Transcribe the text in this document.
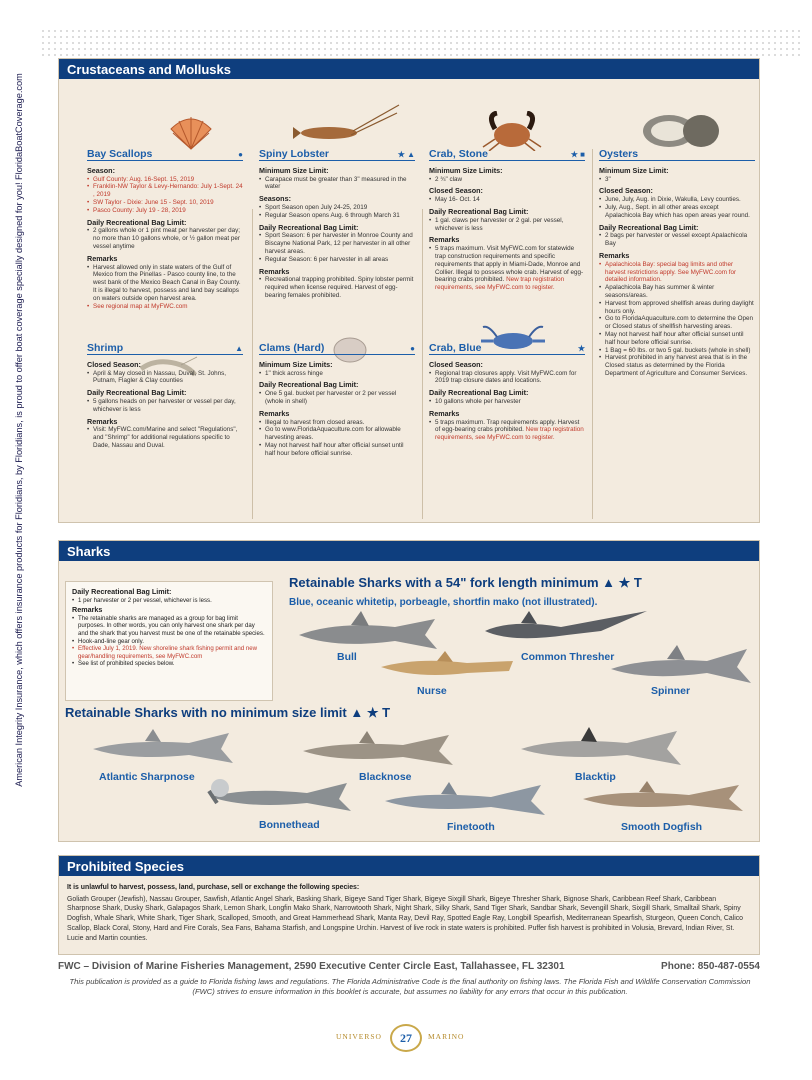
American Integrity Insurance, which offers insurance products for Floridians, by Floridians, is proud to offer boat coverage specially designed for you! FloridaBoatCoverage.com
Crustaceans and Mollusks
Bay Scallops	●
Season:
• Gulf County: Aug. 16-Sept. 15, 2019
• Franklin-NW Taylor & Levy-Hernando: July 1-Sept. 24 , 2019
• SW Taylor - Dixie: June 15 - Sept. 10, 2019
• Pasco County: July 19 - 28, 2019
Daily Recreational Bag Limit:
• 2 gallons whole or 1 pint meat per harvester per day; no more than 10 gallons whole, or ½ gallon meat per vessel anytime
Remarks
• Harvest allowed only in state waters of the Gulf of Mexico from the Pinellas - Pasco county line, to the west bank of the Mexico Beach Canal in Bay County. It is illegal to harvest, possess and land bay scallops on waters outside open harvest area.
• See regional map at MyFWC.com
Spiny Lobster	★ ▲
Minimum Size Limit:
• Carapace must be greater than 3" measured in the water
Seasons:
• Sport Season open July 24-25, 2019
• Regular Season opens Aug. 6 through March 31
Daily Recreational Bag Limit:
• Sport Season: 6 per harvester in Monroe County and Biscayne National Park, 12 per harvester in all other harvest areas.
• Regular Season: 6 per harvester in all areas
Remarks
• Recreational trapping prohibited. Spiny lobster permit required when license required. Harvest of egg-bearing females prohibited.
Crab, Stone	★ ■
Minimum Size Limits:
• 2 ¾" claw
Closed Season:
• May 16- Oct. 14
Daily Recreational Bag Limit:
• 1 gal. claws per harvester or 2 gal. per vessel, whichever is less
Remarks
• 5 traps maximum. Visit MyFWC.com for statewide trap construction requirements and specific requirements that apply in Miami-Dade, Monroe and Collier. Illegal to possess whole crab. Harvest of egg-bearing crabs prohibited. New trap registration requirements, see MyFWC.com to register.
Oysters
Minimum Size Limit:
• 3"
Closed Season:
• June, July, Aug. in Dixie, Wakulla, Levy counties.
• July, Aug., Sept. in all other areas except Apalachicola Bay which has open areas year round.
Daily Recreational Bag Limit:
• 2 bags per harvester or vessel except Apalachicola Bay
Remarks
• Apalachicola Bay: special bag limits and other harvest restrictions apply. See MyFWC.com for detailed information.
• Apalachicola Bay has summer & winter seasons/areas.
• Harvest from approved shellfish areas during daylight hours only.
• Go to FloridaAquaculture.com to determine the Open or Closed status of shellfish harvesting areas.
• May not harvest half hour after official sunset until half hour before official sunrise.
• 1 Bag = 60 lbs. or two 5 gal. buckets (whole in shell)
• Harvest prohibited in any harvest area that is in the Closed status as determined by the Florida Department of Agriculture and Consumer Services.
Shrimp	▲
Closed Season:
• April & May closed in Nassau, Duval, St. Johns, Putnam, Flagler & Clay counties
Daily Recreational Bag Limit:
• 5 gallons heads on per harvester or vessel per day, whichever is less
Remarks
• Visit: MyFWC.com/Marine and select "Regulations", and "Shrimp" for additional regulations specific to Dade, Nassau and Duval.
Clams (Hard)	●
Minimum Size Limits:
• 1" thick across hinge
Daily Recreational Bag Limit:
• One 5 gal. bucket per harvester or 2 per vessel (whole in shell)
Remarks
• Illegal to harvest from closed areas.
• Go to www.FloridaAquaculture.com for allowable harvesting areas.
• May not harvest half hour after official sunset until half hour before official sunrise.
Crab, Blue	★
Closed Season:
• Regional trap closures apply. Visit MyFWC.com for 2019 trap closure dates and locations.
Daily Recreational Bag Limit:
• 10 gallons whole per harvester
Remarks
• 5 traps maximum. Trap requirements apply. Harvest of egg-bearing crabs prohibited. New trap registration requirements, see MyFWC.com to register.
Sharks
Daily Recreational Bag Limit:
• 1 per harvester or 2 per vessel, whichever is less.
Remarks
• The retainable sharks are managed as a group for bag limit purposes. In other words, you can only harvest one shark per day and the shark that you harvest must be one of the retainable species.
• Hook-and-line gear only.
• Effective July 1, 2019. New shoreline shark fishing permit and new gear/handling requirements, see MyFWC.com
• See list of prohibited species below.
Retainable Sharks with a 54" fork length minimum ▲ ★ T
Blue, oceanic whitetip, porbeagle, shortfin mako (not illustrated).
Bull
Nurse
Common Thresher
Spinner
Retainable Sharks with no minimum size limit ▲ ★ T
Atlantic Sharpnose	Blacknose	Blacktip
Bonnethead	Finetooth	Smooth Dogfish
Prohibited Species
It is unlawful to harvest, possess, land, purchase, sell or exchange the following species:
Goliath Grouper (Jewfish), Nassau Grouper, Sawfish, Atlantic Angel Shark, Basking Shark, Bigeye Sand Tiger Shark, Bigeye Sixgill Shark, Bigeye Thresher Shark, Bignose Shark, Caribbean Reef Shark, Caribbean Sharpnose Shark, Dusky Shark, Galapagos Shark, Lemon Shark, Longfin Mako Shark, Narrowtooth Shark, Night Shark, Silky Shark, Sand Tiger Shark, Sandbar Shark, Sevengill Shark, Sixgill Shark, Smalltail Shark, Spiny Dogfish, Whale Shark, White Shark, Tiger Shark, Scalloped, Smooth, and Great Hammerhead Shark, Manta Ray, Devil Ray, Spotted Eagle Ray, Longbill Spearfish, Mediterranean Spearfish, Sturgeon, Queen Conch, Calico Scallop, Black Coral, Stony, Hard and Fire Corals, Sea Fans, Bahama Starfish, and Longspine Urchin. Harvest of live rock in state waters is prohibited. Puffer fish harvest is prohibited in Volusia, Brevard, Indian River, St. Lucie and Martin counties.
FWC – Division of Marine Fisheries Management, 2590 Executive Center Circle East, Tallahassee, FL 32301	Phone: 850-487-0554
This publication is provided as a guide to Florida fishing laws and regulations. The Florida Administrative Code is the final authority on fishing laws. The Florida Fish and Wildlife Conservation Commission (FWC) strives to ensure information in this booklet is accurate, but assumes no liability for any errors that occur in this publication.
UNIVERSO	27	MARINO
